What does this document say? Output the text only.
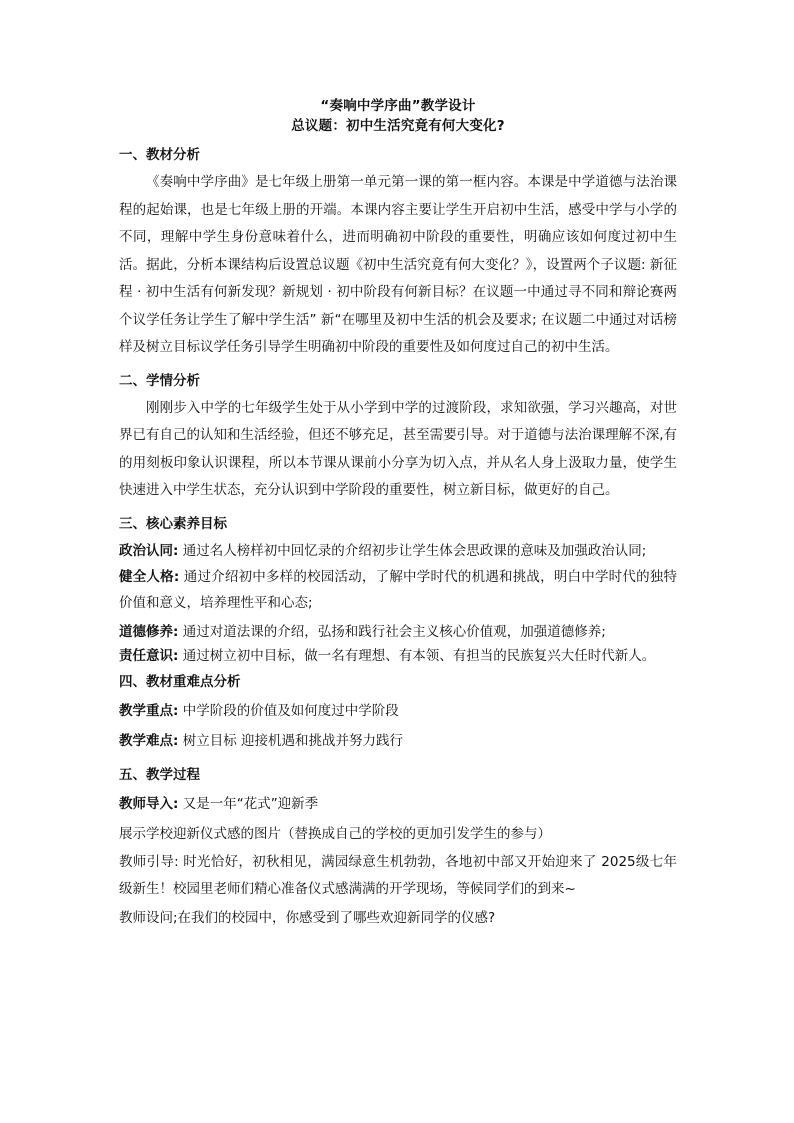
“奏响中学序曲”教学设计
总议题：初中生活究竟有何大变化?
一、教材分析

《奏响中学序曲》是七年级上册第一单元第一课的第一框内容。本课是中学道德与法治课程的起始课，也是七年级上册的开端。本课内容主要让学生开启初中生活，感受中学与小学的不同，理解中学生身份意味着什么，进而明确初中阶段的重要性，明确应该如何度过初中生活。据此，分析本课结构后设置总议题《初中生活究竟有何大变化？》，设置两个子议题: 新征程 · 初中生活有何新发现？新规划 · 初中阶段有何新目标？在议题一中通过寻不同和辩论赛两个议学任务让学生了解中学生活” 新“在哪里及初中生活的机会及要求; 在议题二中通过对话榜样及树立目标议学任务引导学生明确初中阶段的重要性及如何度过自己的初中生活。

二、学情分析

刚刚步入中学的七年级学生处于从小学到中学的过渡阶段，求知欲强，学习兴趣高，对世界已有自己的认知和生活经验，但还不够充足，甚至需要引导。对于道德与法治课理解不深,有的用刻板印象认识课程，所以本节课从课前小分享为切入点，并从名人身上汲取力量，使学生快速进入中学生状态，充分认识到中学阶段的重要性，树立新目标，做更好的自己。

三、核心素养目标

政治认同: 通过名人榜样初中回忆录的介绍初步让学生体会思政课的意味及加强政治认同;

健全人格: 通过介绍初中多样的校园活动，了解中学时代的机遇和挑战，明白中学时代的独特价值和意义，培养理性平和心态;

道德修养: 通过对道法课的介绍，弘扬和践行社会主义核心价值观，加强道德修养;

责任意识: 通过树立初中目标，做一名有理想、有本领、有担当的民族复兴大任时代新人。

四、教材重难点分析

教学重点: 中学阶段的价值及如何度过中学阶段

教学难点: 树立目标 迎接机遇和挑战并努力践行

五、教学过程

教师导入: 又是一年“花式”迎新季

展示学校迎新仪式感的图片（替换成自己的学校的更加引发学生的参与）

教师引导: 时光恰好，初秋相见，满园绿意生机勃勃，各地初中部又开始迎来了 2025级七年级新生！校园里老师们精心准备仪式感满满的开学现场，等候同学们的到来~

教师设问;在我们的校园中，你感受到了哪些欢迎新同学的仪感?
